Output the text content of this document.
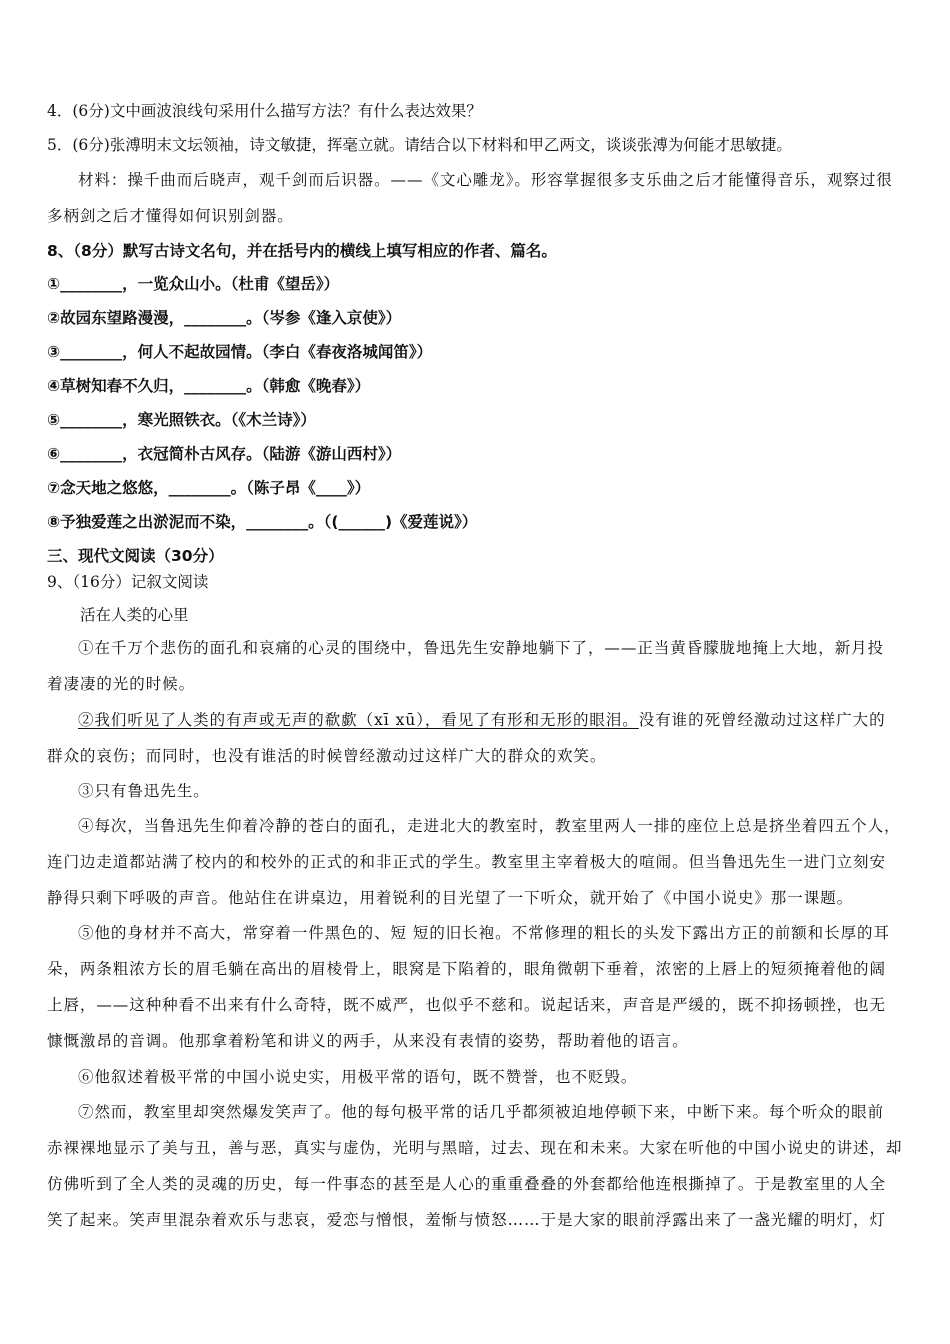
4．(6分)文中画波浪线句采用什么描写方法？有什么表达效果？
5．(6分)张溥明末文坛领袖，诗文敏捷，挥毫立就。请结合以下材料和甲乙两文，谈谈张溥为何能才思敏捷。
材料：操千曲而后晓声，观千剑而后识器。——《文心雕龙》。形容掌握很多支乐曲之后才能懂得音乐，观察过很
多柄剑之后才懂得如何识别剑器。
8、（8分）默写古诗文名句，并在括号内的横线上填写相应的作者、篇名。
①________，一览众山小。（杜甫《望岳》）
②故园东望路漫漫，________。（岑参《逢入京使》）
③________，何人不起故园情。（李白《春夜洛城闻笛》）
④草树知春不久归，________。（韩愈《晚春》）
⑤________，寒光照铁衣。（《木兰诗》）
⑥________，衣冠简朴古风存。（陆游《游山西村》）
⑦念天地之悠悠，________。（陈子昂《____》）
⑧予独爱莲之出淤泥而不染，________。（(______)《爱莲说》）
三、现代文阅读（30分）
9、（16分）记叙文阅读
活在人类的心里
①在千万个悲伤的面孔和哀痛的心灵的围绕中，鲁迅先生安静地躺下了，——正当黄昏朦胧地掩上大地，新月投
着凄凄的光的时候。
②我们听见了人类的有声或无声的欷歔（xī xū），看见了有形和无形的眼泪。没有谁的死曾经激动过这样广大的
群众的哀伤；而同时，也没有谁活的时候曾经激动过这样广大的群众的欢笑。
③只有鲁迅先生。
④每次，当鲁迅先生仰着冷静的苍白的面孔，走进北大的教室时，教室里两人一排的座位上总是挤坐着四五个人，
连门边走道都站满了校内的和校外的正式的和非正式的学生。教室里主宰着极大的喧闹。但当鲁迅先生一进门立刻安
静得只剩下呼吸的声音。他站住在讲桌边，用着锐利的目光望了一下听众，就开始了《中国小说史》那一课题。
⑤他的身材并不高大，常穿着一件黑色的、短 短的旧长袍。不常修理的粗长的头发下露出方正的前额和长厚的耳
朵，两条粗浓方长的眉毛躺在高出的眉棱骨上，眼窝是下陷着的，眼角微朝下垂着，浓密的上唇上的短须掩着他的阔
上唇，——这种种看不出来有什么奇特，既不威严，也似乎不慈和。说起话来，声音是严缓的，既不抑扬顿挫，也无
慷慨激昂的音调。他那拿着粉笔和讲义的两手，从来没有表情的姿势，帮助着他的语言。
⑥他叙述着极平常的中国小说史实，用极平常的语句，既不赞誉，也不贬毁。
⑦然而，教室里却突然爆发笑声了。他的每句极平常的话几乎都须被迫地停顿下来，中断下来。每个听众的眼前
赤裸裸地显示了美与丑，善与恶，真实与虚伪，光明与黑暗，过去、现在和未来。大家在听他的中国小说史的讲述，却
仿佛听到了全人类的灵魂的历史，每一件事态的甚至是人心的重重叠叠的外套都给他连根撕掉了。于是教室里的人全
笑了起来。笑声里混杂着欢乐与悲哀，爱恋与憎恨，羞惭与愤怒……于是大家的眼前浮露出来了一盏光耀的明灯，灯
